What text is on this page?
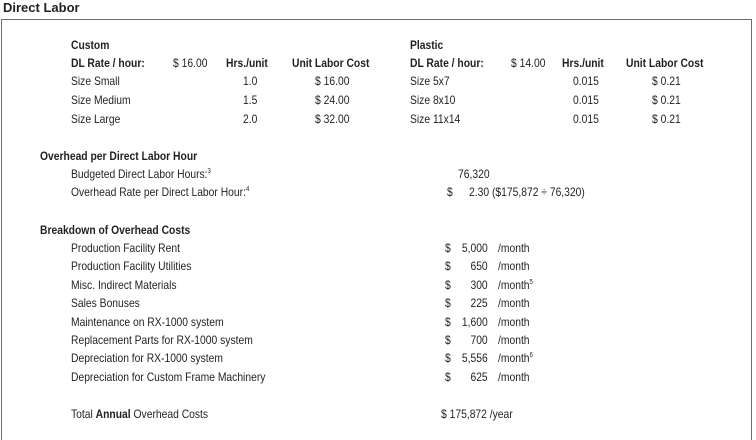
Direct Labor
Custom
DL Rate / hour: $ 16.00 Hrs./unit Unit Labor Cost
Size Small	1.0	$ 16.00
Size Medium	1.5	$ 24.00
Size Large	2.0	$ 32.00
Plastic
DL Rate / hour: $ 14.00 Hrs./unit Unit Labor Cost
Size 5x7	0.015	$ 0.21
Size 8x10	0.015	$ 0.21
Size 11x14	0.015	$ 0.21
Overhead per Direct Labor Hour
Budgeted Direct Labor Hours:$^3$	76,320
Overhead Rate per Direct Labor Hour:$^4$	$ 2.30 ($175,872 ÷ 76,320)
Breakdown of Overhead Costs
Production Facility Rent	$ 5,000 /month
Production Facility Utilities	$	650 /month
Misc. Indirect Materials	$	300 /month$^5$
Sales Bonuses	$	225 /month
Maintenance on RX-1000 system	$ 1,600 /month
Replacement Parts for RX-1000 system	$	700 /month
Depreciation for RX-1000 system	$ 5,556 /month$^6$
Depreciation for Custom Frame Machinery	$	625 /month
Total Annual Overhead Costs	$ 175,872 /year
